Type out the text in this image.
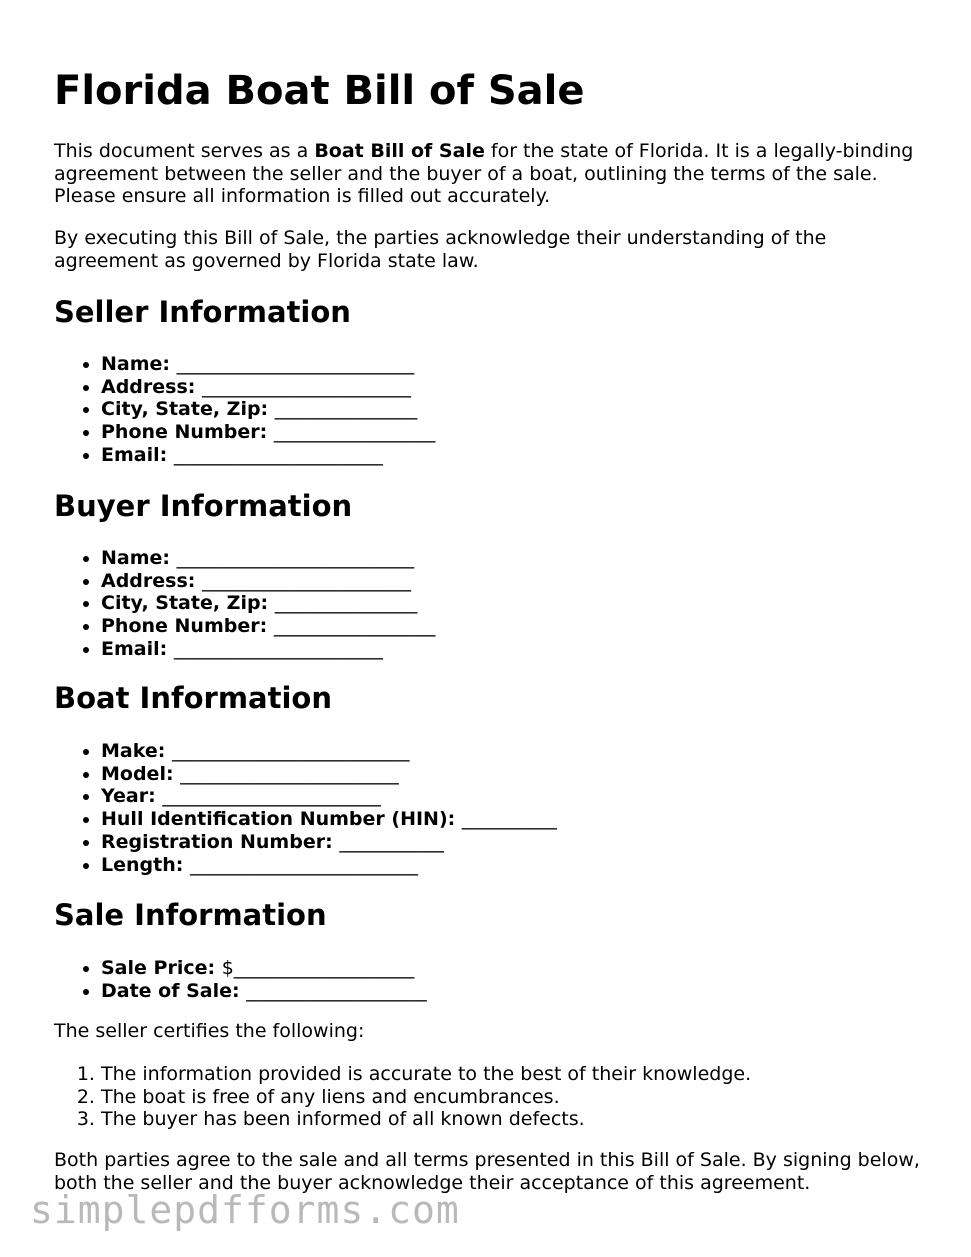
Florida Boat Bill of Sale

This document serves as a Boat Bill of Sale for the state of Florida. It is a legally-binding agreement between the seller and the buyer of a boat, outlining the terms of the sale. Please ensure all information is filled out accurately.

By executing this Bill of Sale, the parties acknowledge their understanding of the agreement as governed by Florida state law.

Seller Information
• Name: _________________________
• Address: ______________________
• City, State, Zip: _______________
• Phone Number: _________________
• Email: ______________________
Buyer Information
• Name: _________________________
• Address: ______________________
• City, State, Zip: _______________
• Phone Number: _________________
• Email: ______________________
Boat Information
• Make: _________________________
• Model: _______________________
• Year: _______________________
• Hull Identification Number (HIN): __________
• Registration Number: ___________
• Length: ________________________
Sale Information
• Sale Price: $___________________
• Date of Sale: ___________________

The seller certifies the following:

1. The information provided is accurate to the best of their knowledge.
2. The boat is free of any liens and encumbrances.
3. The buyer has been informed of all known defects.

Both parties agree to the sale and all terms presented in this Bill of Sale. By signing below, both the seller and the buyer acknowledge their acceptance of this agreement.

simplepdfforms.com
